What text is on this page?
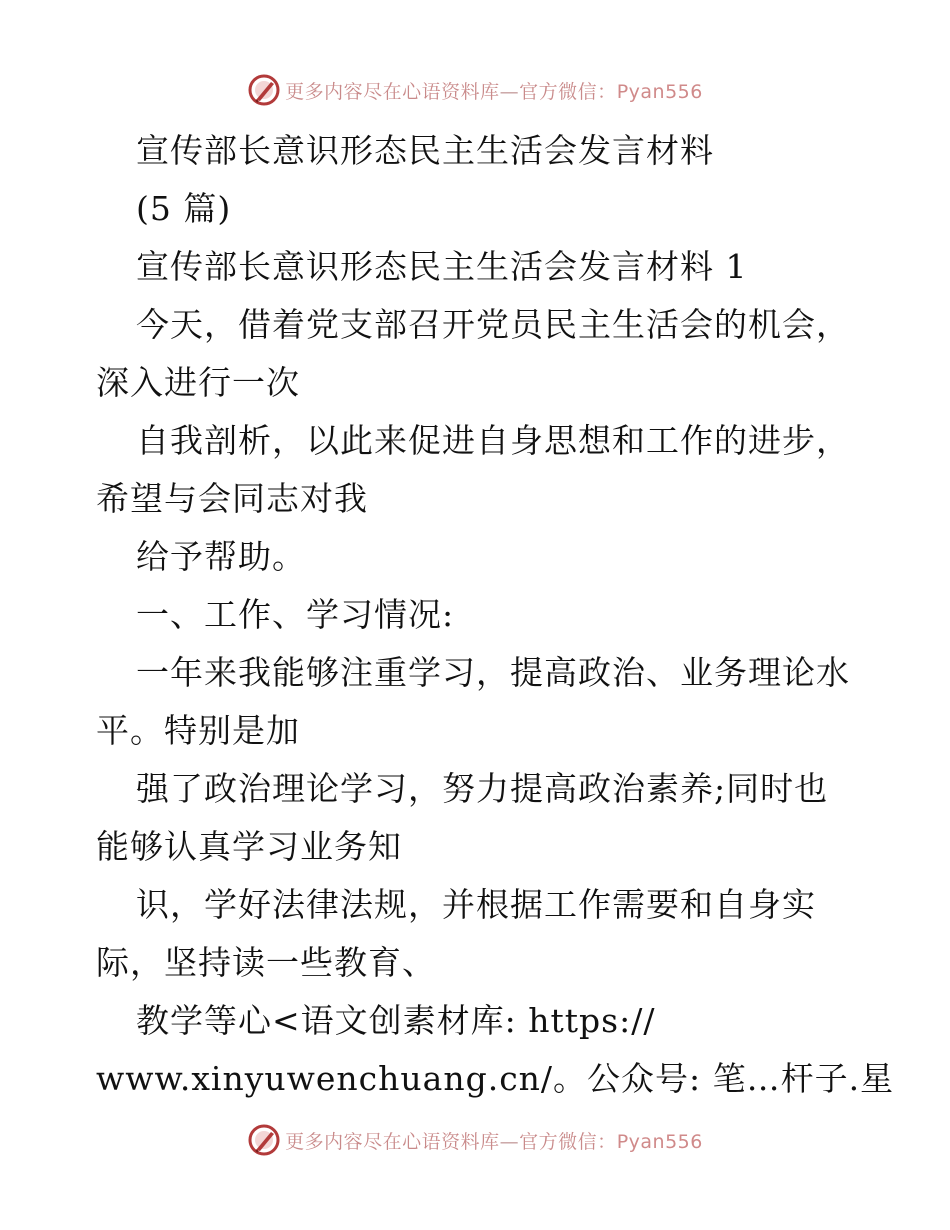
更多内容尽在心语资料库—官方微信：Pyan556
宣传部长意识形态民主生活会发言材料
(5 篇)
宣传部长意识形态民主生活会发言材料 1
今天，借着党支部召开党员民主生活会的机会，
深入进行一次
自我剖析，以此来促进自身思想和工作的进步，
希望与会同志对我
给予帮助。
一、工作、学习情况:
一年来我能够注重学习，提高政治、业务理论水
平。特别是加
强了政治理论学习，努力提高政治素养;同时也
能够认真学习业务知
识，学好法律法规，并根据工作需要和自身实
际，坚持读一些教育、
教学等心<语文创素材库: https://
www.xinyuwenchuang.cn/。公众号: 笔…杆子.星
更多内容尽在心语资料库—官方微信：Pyan556
